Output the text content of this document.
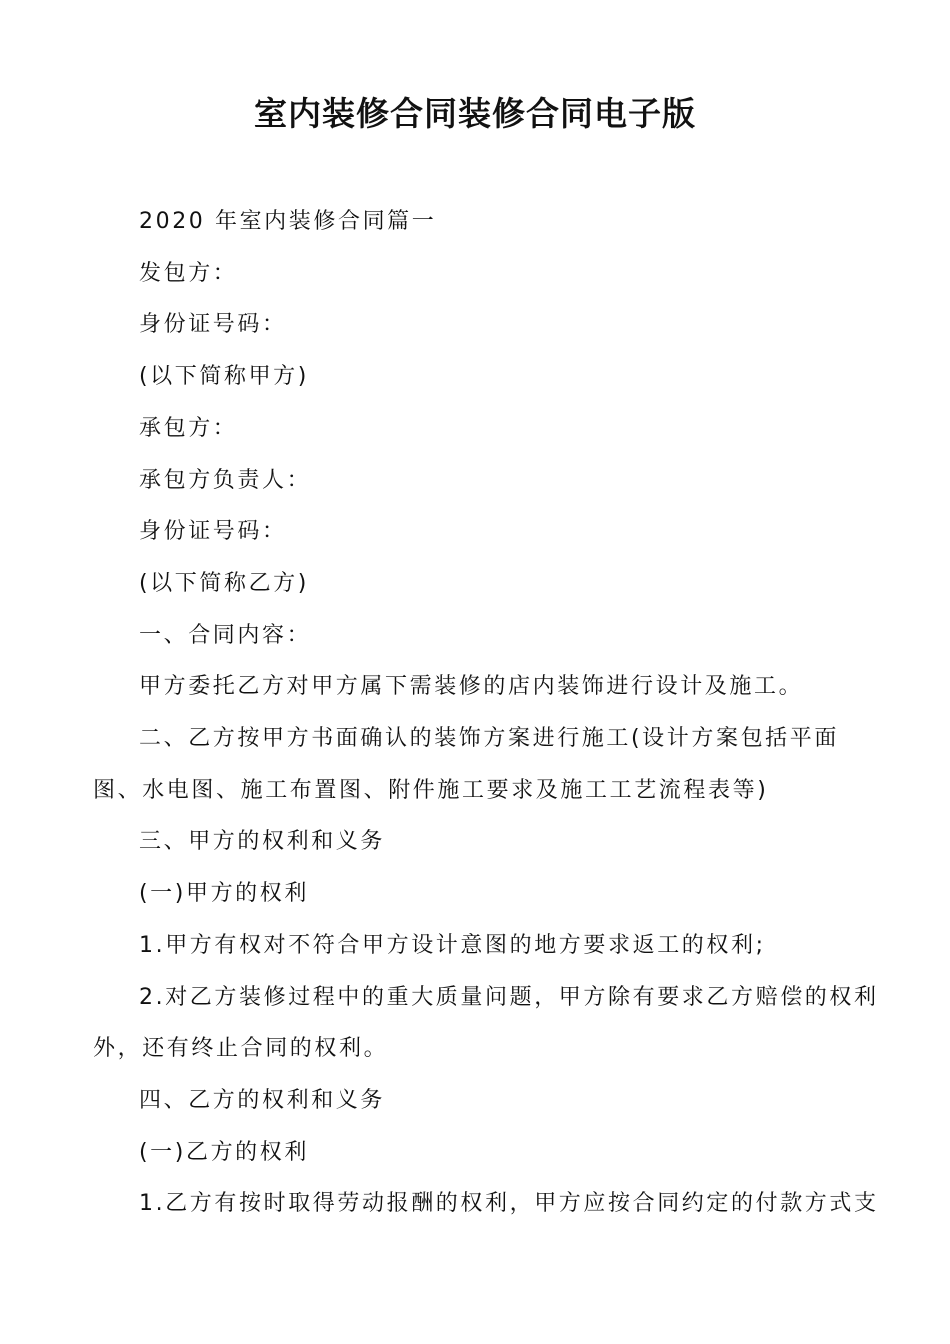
室内装修合同装修合同电子版

2020 年室内装修合同篇一

发包方：

身份证号码：

(以下简称甲方)

承包方：

承包方负责人：

身份证号码：

(以下简称乙方)

一、合同内容：

甲方委托乙方对甲方属下需装修的店内装饰进行设计及施工。

二、乙方按甲方书面确认的装饰方案进行施工(设计方案包括平面

图、水电图、施工布置图、附件施工要求及施工工艺流程表等)

三、甲方的权利和义务

(一)甲方的权利

1.甲方有权对不符合甲方设计意图的地方要求返工的权利;

2.对乙方装修过程中的重大质量问题，甲方除有要求乙方赔偿的权利

外，还有终止合同的权利。

四、乙方的权利和义务

(一)乙方的权利

1.乙方有按时取得劳动报酬的权利，甲方应按合同约定的付款方式支
